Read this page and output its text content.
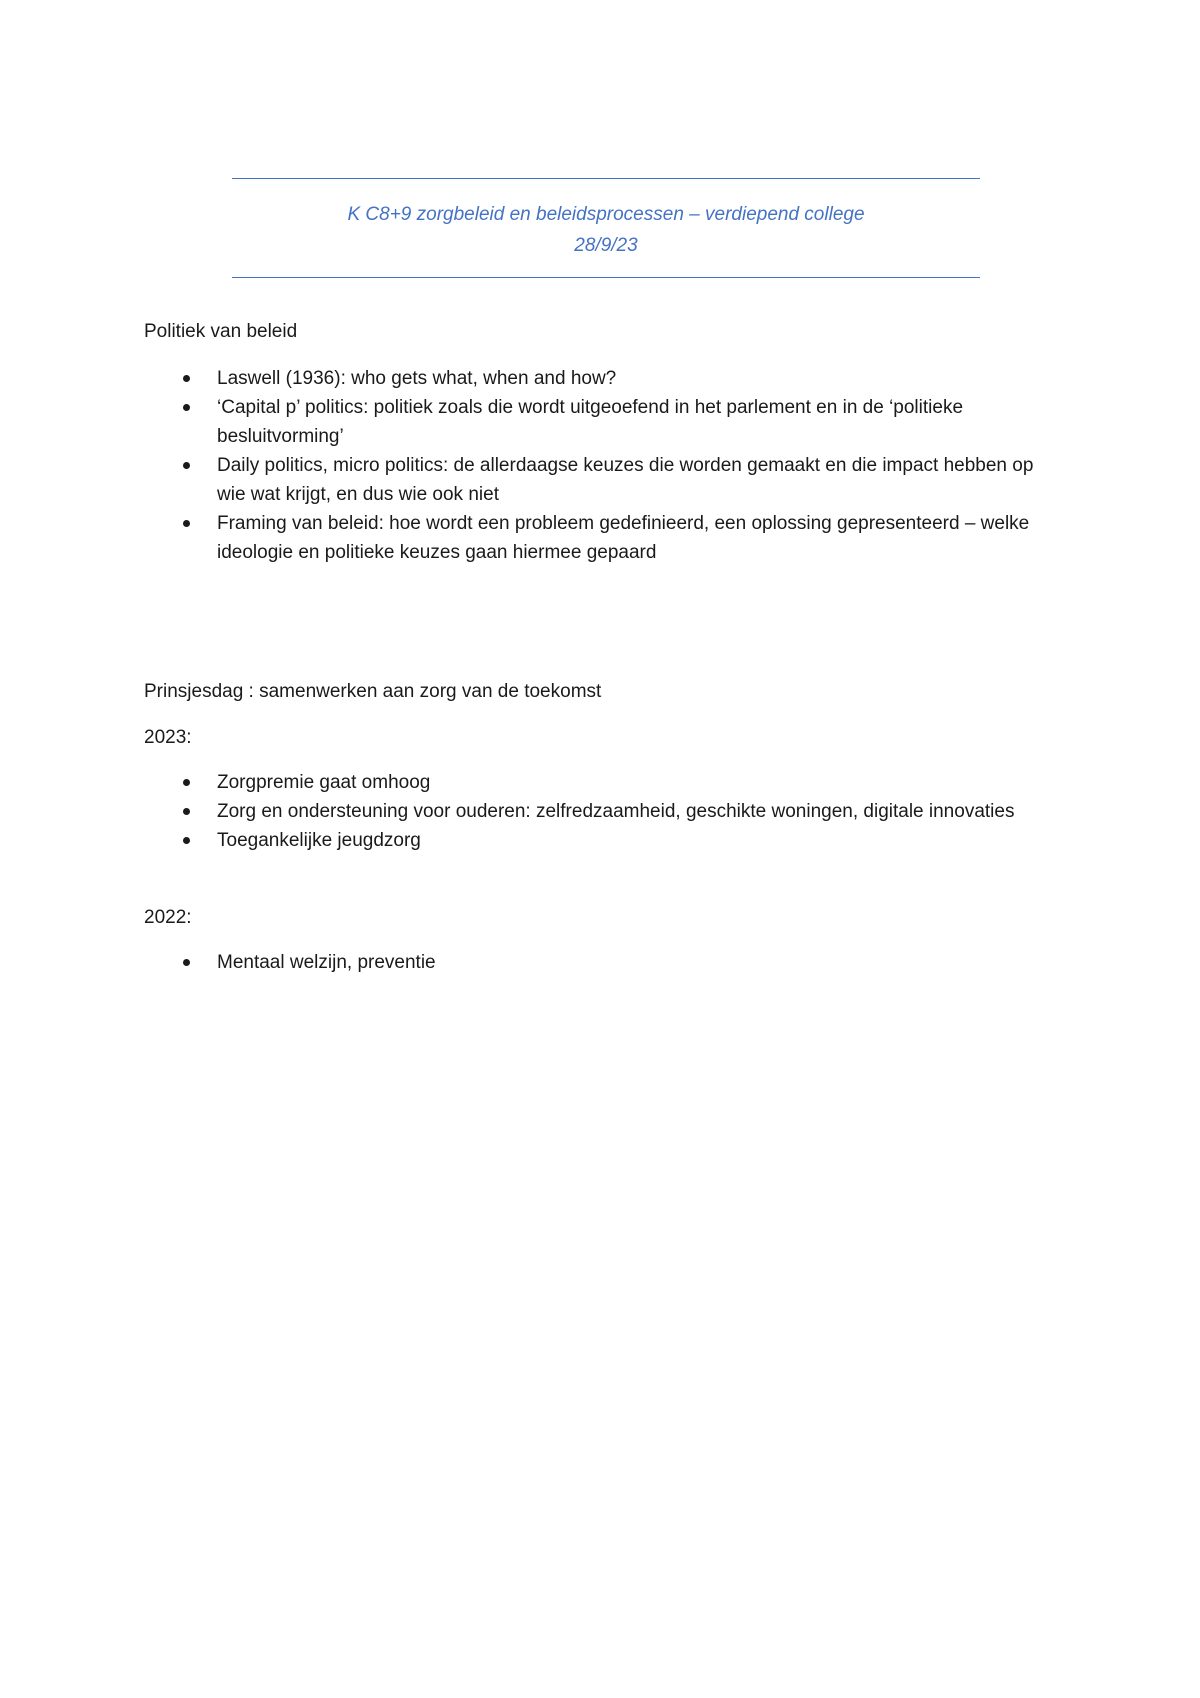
K C8+9 zorgbeleid en beleidsprocessen – verdiepend college
28/9/23
Politiek van beleid
Laswell (1936): who gets what, when and how?
‘Capital p’ politics: politiek zoals die wordt uitgeoefend in het parlement en in de ‘politieke besluitvorming’
Daily politics, micro politics: de allerdaagse keuzes die worden gemaakt en die impact hebben op wie wat krijgt, en dus wie ook niet
Framing van beleid: hoe wordt een probleem gedefinieerd, een oplossing gepresenteerd – welke ideologie en politieke keuzes gaan hiermee gepaard
Prinsjesdag : samenwerken aan zorg van de toekomst
2023:
Zorgpremie gaat omhoog
Zorg en ondersteuning voor ouderen: zelfredzaamheid, geschikte woningen, digitale innovaties
Toegankelijke jeugdzorg
2022:
Mentaal welzijn, preventie
